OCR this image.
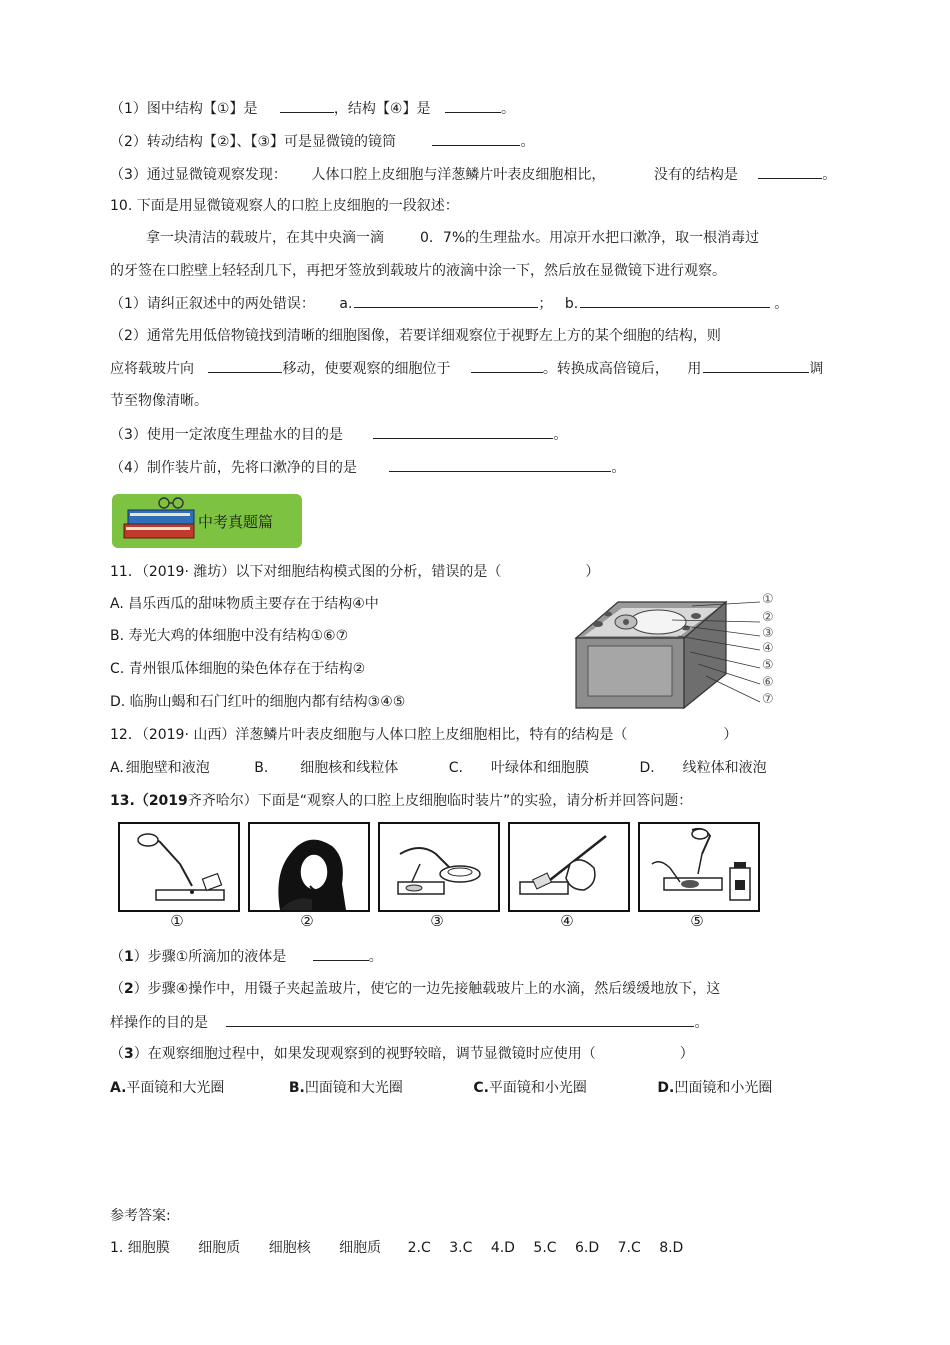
（1）图中结构【①】是	，结构【④】是	。
（2）转动结构【②】、【③】可是显微镜的镜筒	。
（3）通过显微镜观察发现： 人体口腔上皮细胞与洋葱鳞片叶表皮细胞相比，	没有的结构是	。
10. 下面是用显微镜观察人的口腔上皮细胞的一段叙述：
拿一块清洁的载玻片，在其中央滴一滴	0．7%的生理盐水。用凉开水把口漱净，取一根消毒过
的牙签在口腔壁上轻轻刮几下，再把牙签放到载玻片的液滴中涂一下，然后放在显微镜下进行观察。
（1）请纠正叙述中的两处错误： a.	； b.	。
（2）通常先用低倍物镜找到清晰的细胞图像，若要详细观察位于视野左上方的某个细胞的结构，则
应将载玻片向	移动，使要观察的细胞位于	。转换成高倍镜后， 用	调
节至物像清晰。
（3）使用一定浓度生理盐水的目的是	。
（4）制作装片前，先将口漱净的目的是	。
中考真题篇
11．（2019· 潍坊）以下对细胞结构模式图的分析，错误的是（	）
A. 昌乐西瓜的甜味物质主要存在于结构④中
B. 寿光大鸡的体细胞中没有结构①⑥⑦
C. 青州银瓜体细胞的染色体存在于结构②
D. 临朐山蝎和石门红叶的细胞内都有结构③④⑤
①
②
③
④
⑤
⑥
⑦
12．（2019· 山西）洋葱鳞片叶表皮细胞与人体口腔上皮细胞相比，特有的结构是（	）
A. 细胞壁和液泡	B. 细胞核和线粒体	C. 叶绿体和细胞膜	D. 线粒体和液泡
13.（2019齐齐哈尔）下面是“观察人的口腔上皮细胞临时装片”的实验，请分析并回答问题：
①	②	③	④	⑤
（1）步骤①所滴加的液体是	。
（2）步骤④操作中，用镊子夹起盖玻片，使它的一边先接触载玻片上的水滴，然后缓缓地放下，这
样操作的目的是	。
（3）在观察细胞过程中，如果发现观察到的视野较暗，调节显微镜时应使用（	）
A.平面镜和大光圈	B.凹面镜和大光圈	C.平面镜和小光圈	D.凹面镜和小光圈
参考答案:
1. 细胞膜 细胞质 细胞核 细胞质 2.C 3.C 4.D 5.C 6.D 7.C 8.D
